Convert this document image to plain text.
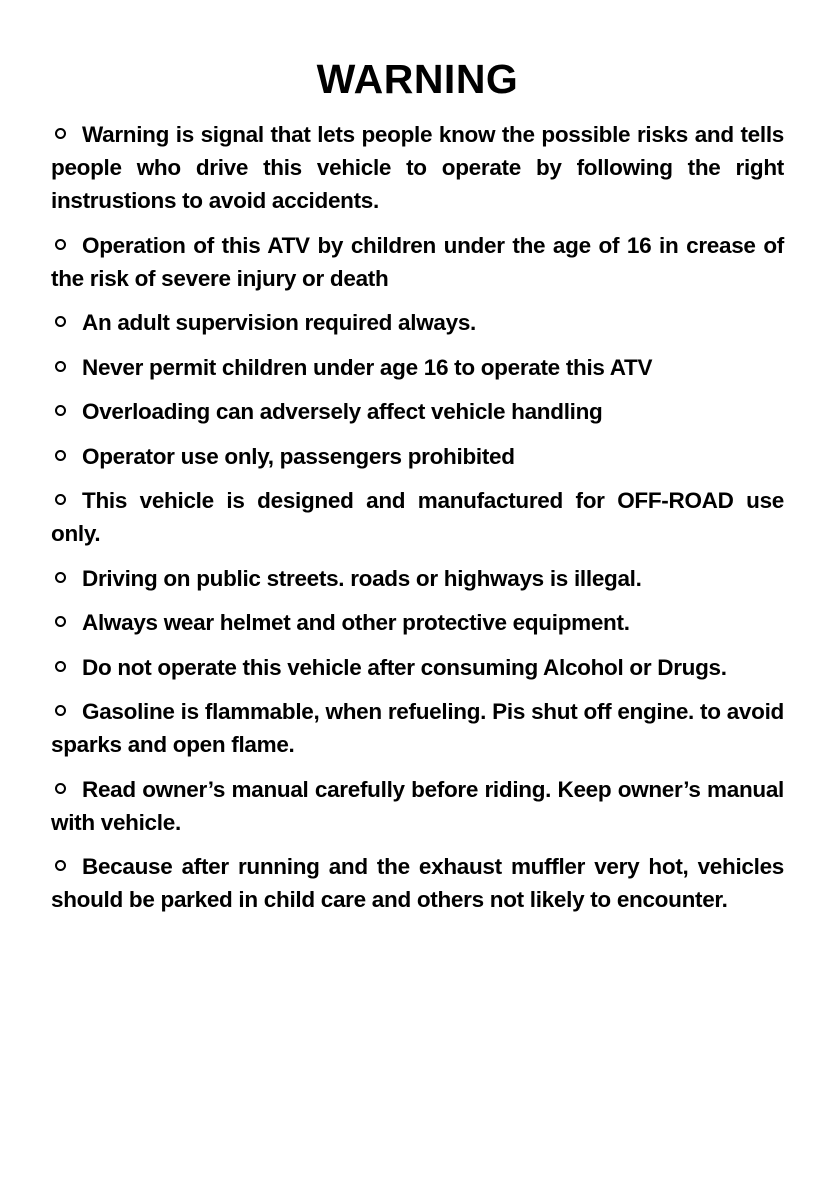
WARNING
Warning is signal that lets people know the possible risks and tells people who drive this vehicle to operate by following the right instrustions to avoid accidents.
Operation of this ATV by children under the age of 16 in crease of the risk of severe injury or death
An adult supervision required always.
Never permit children under age 16 to operate this ATV
Overloading can adversely affect vehicle handling
Operator use only, passengers prohibited
This vehicle is designed and manufactured for OFF-ROAD use only.
Driving on public streets. roads or highways is illegal.
Always wear helmet and other protective equipment.
Do not operate this vehicle after consuming Alcohol or Drugs.
Gasoline is flammable, when refueling. Pis shut off engine. to avoid sparks and open flame.
Read owner’s manual carefully before riding. Keep owner’s manual with vehicle.
Because after running and the exhaust muffler very hot, vehicles should be parked in child care and others not likely to encounter.
